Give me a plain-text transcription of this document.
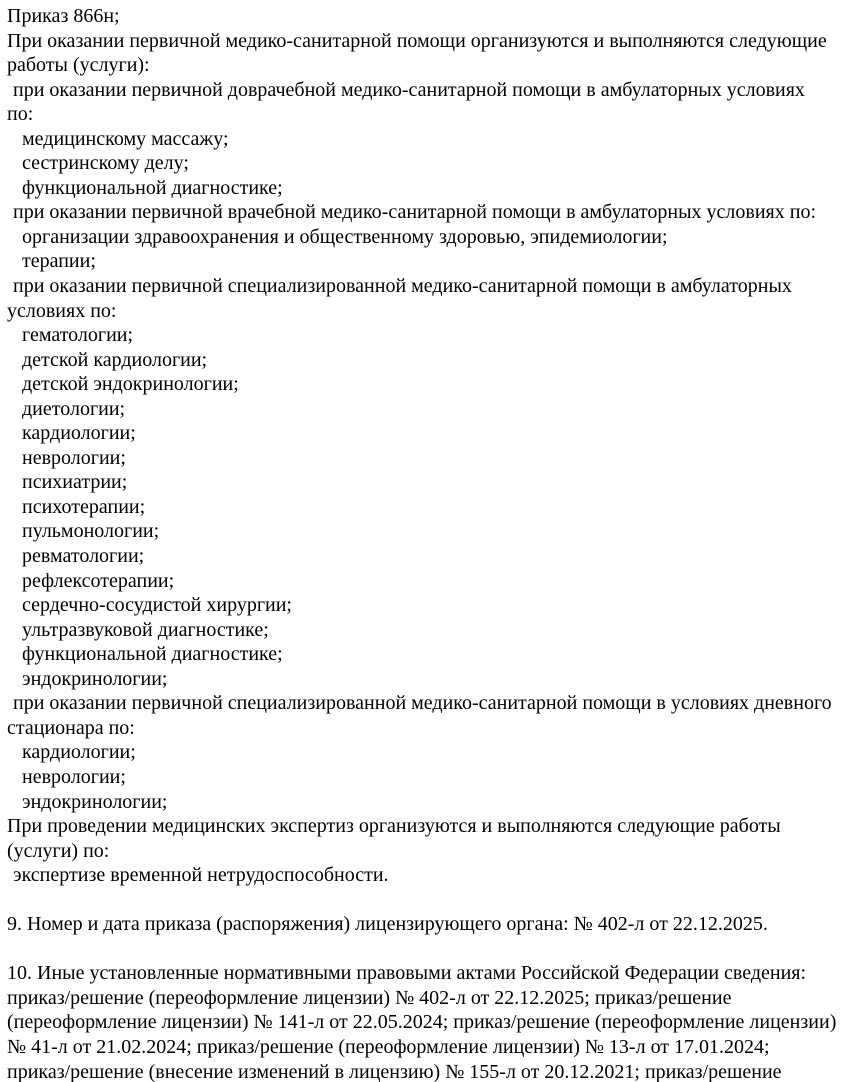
Приказ 866н;
При оказании первичной медико-санитарной помощи организуются и выполняются следующие
работы (услуги):
при оказании первичной доврачебной медико-санитарной помощи в амбулаторных условиях
по:
медицинскому массажу;
сестринскому делу;
функциональной диагностике;
при оказании первичной врачебной медико-санитарной помощи в амбулаторных условиях по:
организации здравоохранения и общественному здоровью, эпидемиологии;
терапии;
при оказании первичной специализированной медико-санитарной помощи в амбулаторных
условиях по:
гематологии;
детской кардиологии;
детской эндокринологии;
диетологии;
кардиологии;
неврологии;
психиатрии;
психотерапии;
пульмонологии;
ревматологии;
рефлексотерапии;
сердечно-сосудистой хирургии;
ультразвуковой диагностике;
функциональной диагностике;
эндокринологии;
при оказании первичной специализированной медико-санитарной помощи в условиях дневного
стационара по:
кардиологии;
неврологии;
эндокринологии;
При проведении медицинских экспертиз организуются и выполняются следующие работы
(услуги) по:
экспертизе временной нетрудоспособности.

9. Номер и дата приказа (распоряжения) лицензирующего органа: № 402-л от 22.12.2025.

10. Иные установленные нормативными правовыми актами Российской Федерации сведения:
приказ/решение (переоформление лицензии) № 402-л от 22.12.2025; приказ/решение
(переоформление лицензии) № 141-л от 22.05.2024; приказ/решение (переоформление лицензии)
№ 41-л от 21.02.2024; приказ/решение (переоформление лицензии) № 13-л от 17.01.2024;
приказ/решение (внесение изменений в лицензию) № 155-л от 20.12.2021; приказ/решение
